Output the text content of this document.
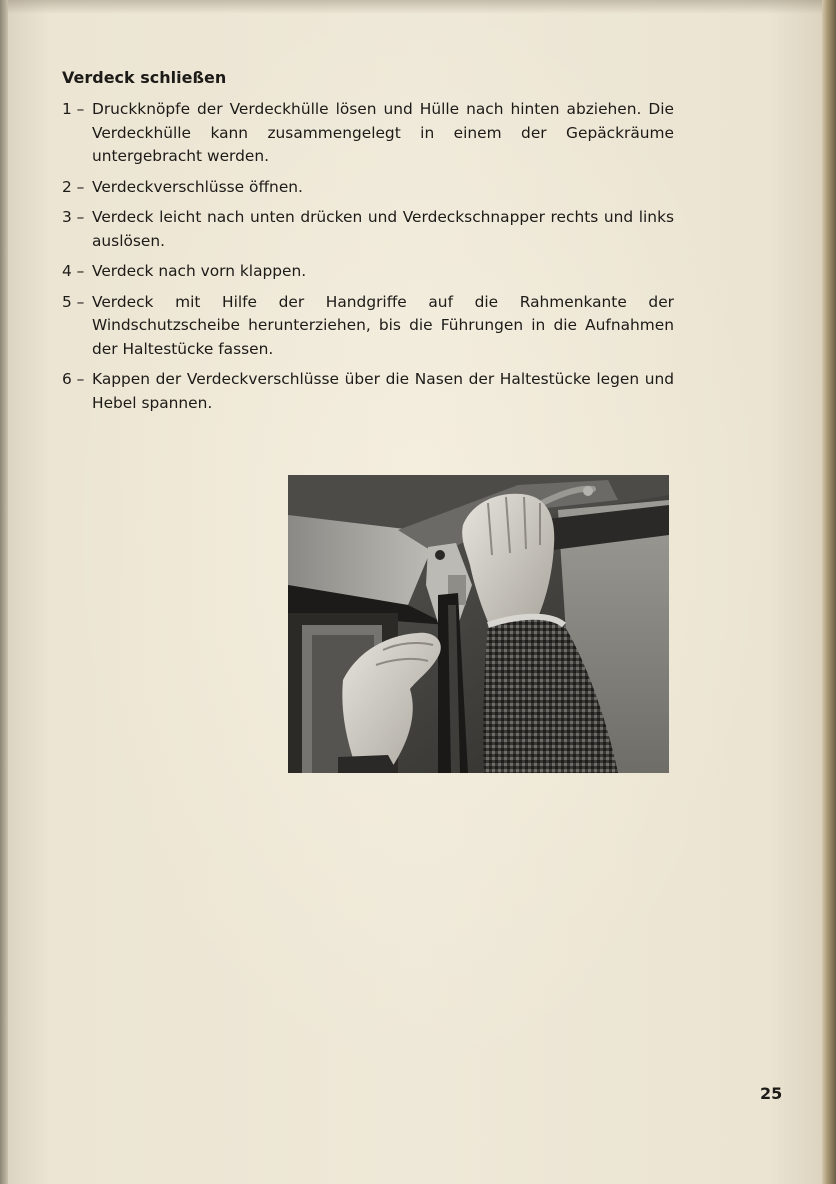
Verdeck schließen
1 – Druckknöpfe der Verdeckhülle lösen und Hülle nach hinten abziehen. Die Verdeckhülle kann zusammengelegt in einem der Gepäckräume untergebracht werden.
2 – Verdeckverschlüsse öffnen.
3 – Verdeck leicht nach unten drücken und Verdeckschnapper rechts und links auslösen.
4 – Verdeck nach vorn klappen.
5 – Verdeck mit Hilfe der Handgriffe auf die Rahmenkante der Windschutzscheibe herunterziehen, bis die Führungen in die Aufnahmen der Haltestücke fassen.
6 – Kappen der Verdeckverschlüsse über die Nasen der Haltestücke legen und Hebel spannen.
25
